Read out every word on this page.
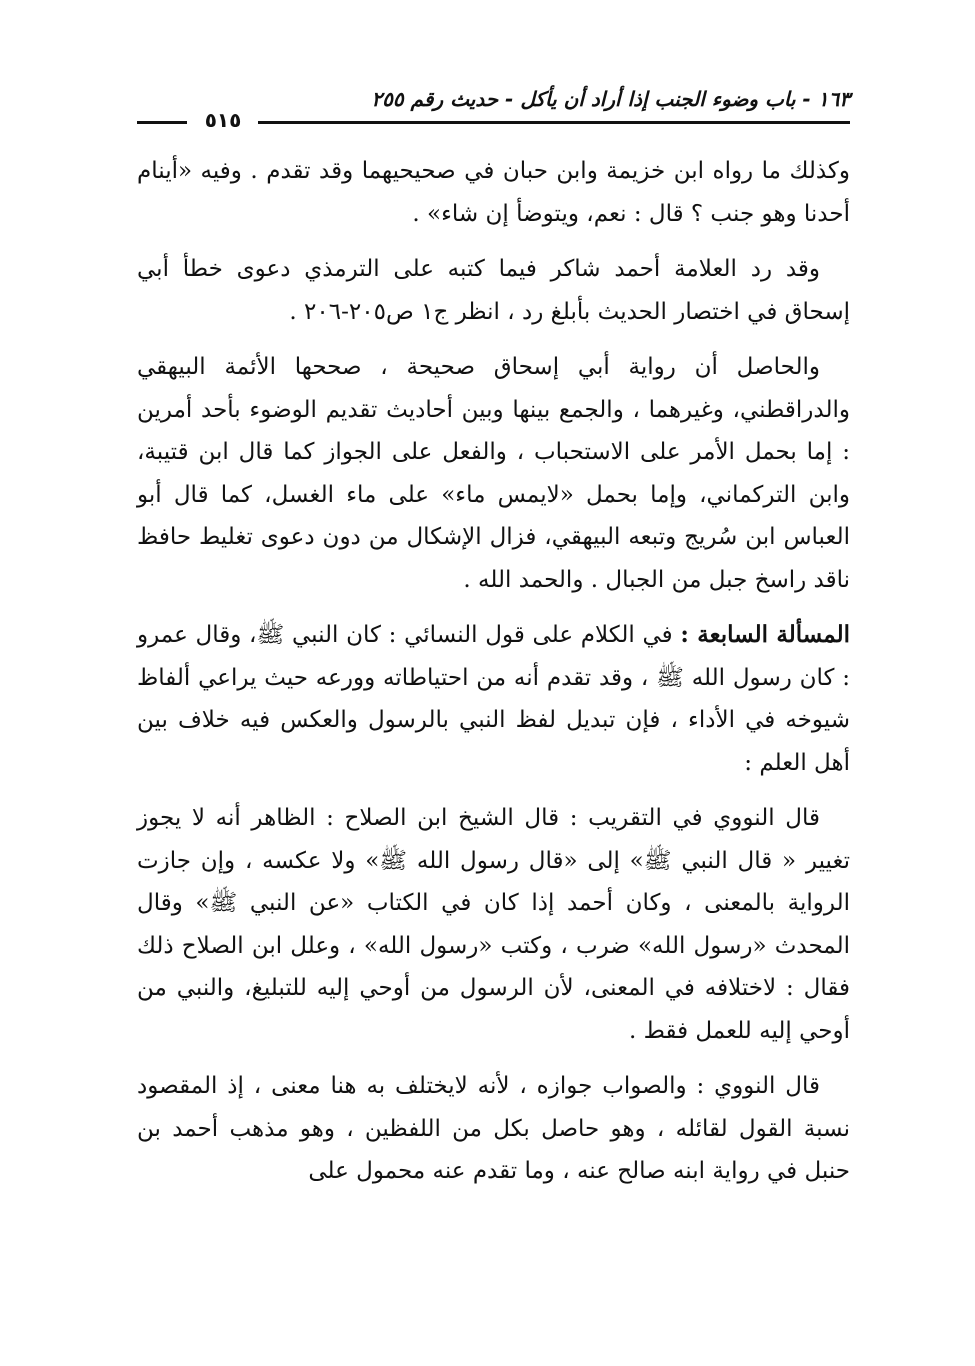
١٦٣ - باب وضوء الجنب إذا أراد أن يأكل - حديث رقم ٢٥٥
٥١٥

وكذلك ما رواه ابن خزيمة وابن حبان في صحيحيهما وقد تقدم . وفيه «أينام أحدنا وهو جنب ؟ قال : نعم، ويتوضأ إن شاء» .

وقد رد العلامة أحمد شاكر فيما كتبه على الترمذي دعوى خطأ أبي إسحاق في اختصار الحديث بأبلغ رد ، انظر ج١ ص٢٠٥-٢٠٦ .

والحاصل أن رواية أبي إسحاق صحيحة ، صححها الأئمة البيهقي والدراقطني، وغيرهما ، والجمع بينها وبين أحاديث تقديم الوضوء بأحد أمرين : إما بحمل الأمر على الاستحباب ، والفعل على الجواز كما قال ابن قتيبة، وابن التركماني، وإما بحمل «لايمس ماء» على ماء الغسل، كما قال أبو العباس ابن سُريج وتبعه البيهقي، فزال الإشكال من دون دعوى تغليط حافظ ناقد راسخ جبل من الجبال . والحمد الله .

المسألة السابعة : في الكلام على قول النسائي : كان النبي ﷺ، وقال عمرو : كان رسول الله ﷺ ، وقد تقدم أنه من احتياطاته وورعه حيث يراعي ألفاظ شيوخه في الأداء ، فإن تبديل لفظ النبي بالرسول والعكس فيه خلاف بين أهل العلم :

قال النووي في التقريب : قال الشيخ ابن الصلاح : الظاهر أنه لا يجوز تغيير « قال النبي ﷺ» إلى «قال رسول الله ﷺ» ولا عكسه ، وإن جازت الرواية بالمعنى ، وكان أحمد إذا كان في الكتاب «عن النبي ﷺ» وقال المحدث «رسول الله» ضرب ، وكتب «رسول الله» ، وعلل ابن الصلاح ذلك فقال : لاختلافه في المعنى، لأن الرسول من أوحي إليه للتبليغ، والنبي من أوحي إليه للعمل فقط .

قال النووي : والصواب جوازه ، لأنه لايختلف به هنا معنى ، إذ المقصود نسبة القول لقائله ، وهو حاصل بكل من اللفظين ، وهو مذهب أحمد بن حنبل في رواية ابنه صالح عنه ، وما تقدم عنه محمول على
